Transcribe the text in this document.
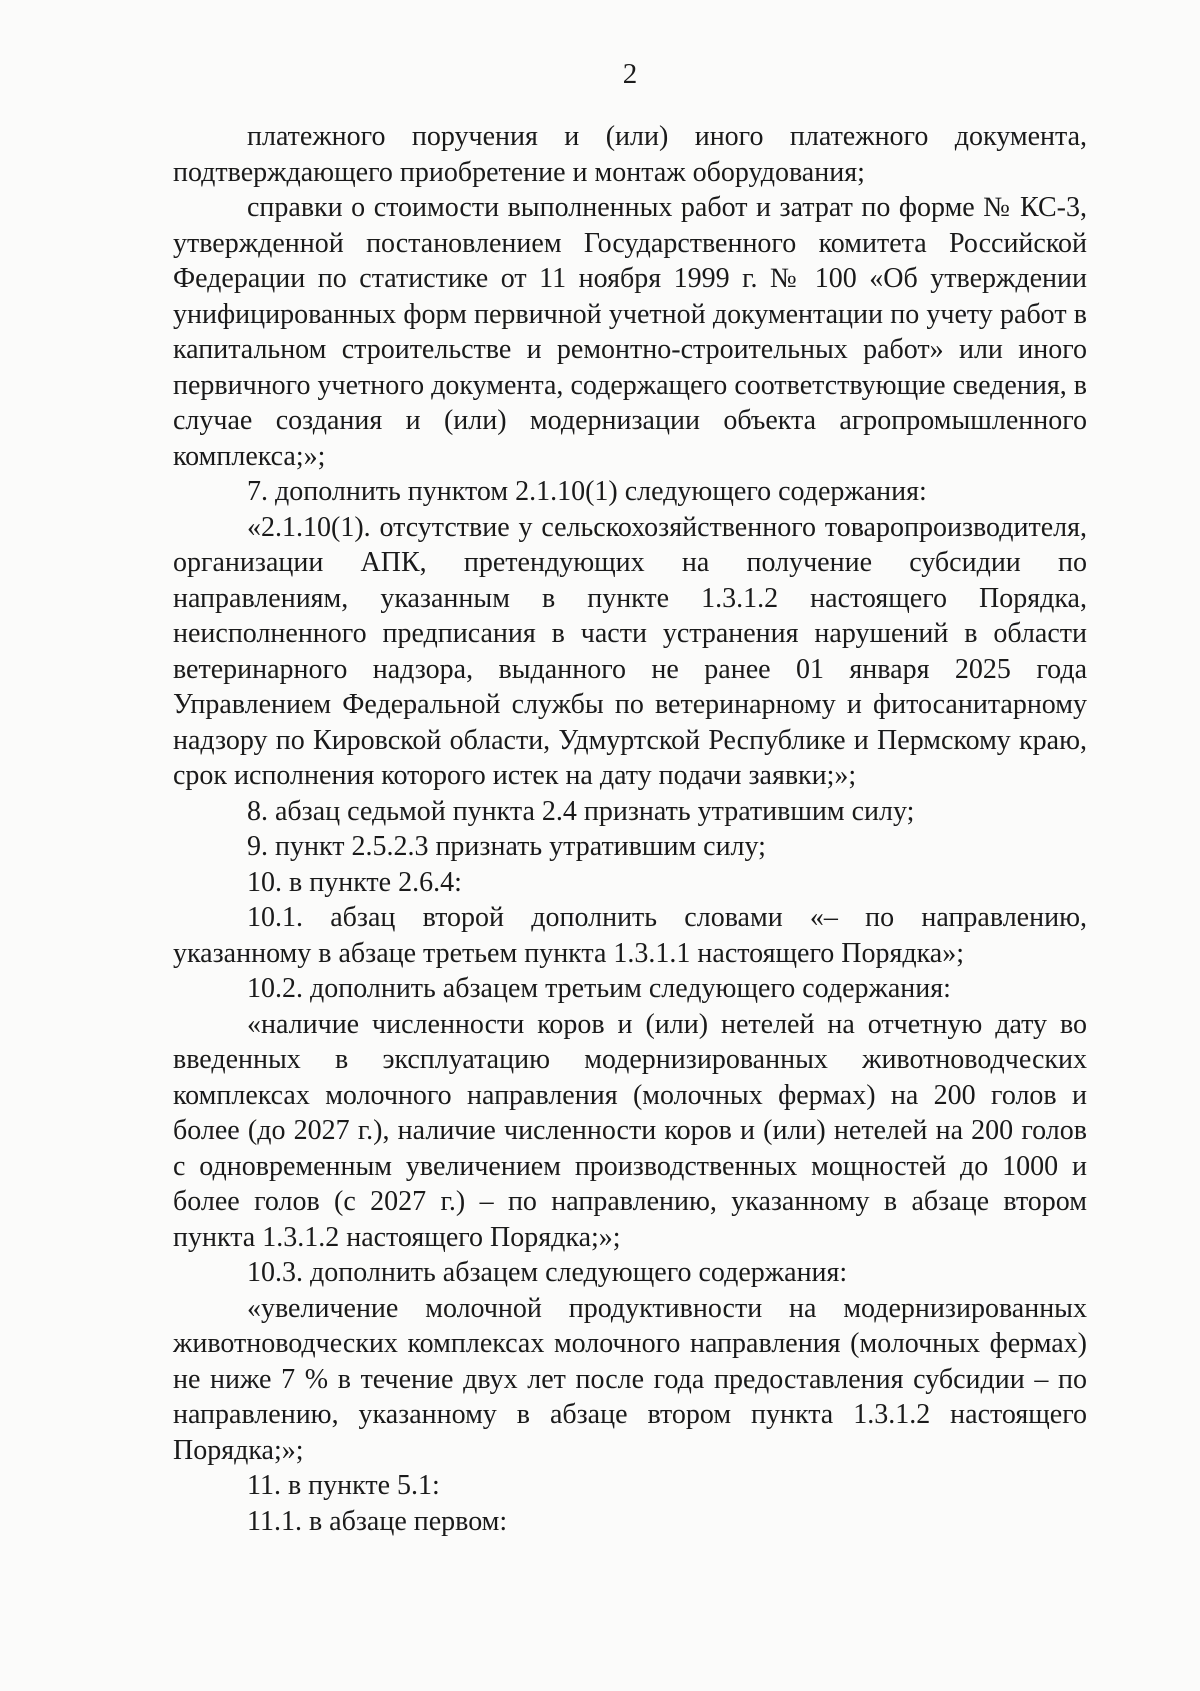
2

платежного поручения и (или) иного платежного документа, подтверждающего приобретение и монтаж оборудования;

справки о стоимости выполненных работ и затрат по форме № КС-3, утвержденной постановлением Государственного комитета Российской Федерации по статистике от 11 ноября 1999 г. № 100 «Об утверждении унифицированных форм первичной учетной документации по учету работ в капитальном строительстве и ремонтно-строительных работ» или иного первичного учетного документа, содержащего соответствующие сведения, в случае создания и (или) модернизации объекта агропромышленного комплекса;»;

7. дополнить пунктом 2.1.10(1) следующего содержания:

«2.1.10(1). отсутствие у сельскохозяйственного товаропроизводителя, организации АПК, претендующих на получение субсидии по направлениям, указанным в пункте 1.3.1.2 настоящего Порядка, неисполненного предписания в части устранения нарушений в области ветеринарного надзора, выданного не ранее 01 января 2025 года Управлением Федеральной службы по ветеринарному и фитосанитарному надзору по Кировской области, Удмуртской Республике и Пермскому краю, срок исполнения которого истек на дату подачи заявки;»;

8. абзац седьмой пункта 2.4 признать утратившим силу;

9. пункт 2.5.2.3 признать утратившим силу;

10. в пункте 2.6.4:

10.1. абзац второй дополнить словами «– по направлению, указанному в абзаце третьем пункта 1.3.1.1 настоящего Порядка»;

10.2. дополнить абзацем третьим следующего содержания:

«наличие численности коров и (или) нетелей на отчетную дату во введенных в эксплуатацию модернизированных животноводческих комплексах молочного направления (молочных фермах) на 200 голов и более (до 2027 г.), наличие численности коров и (или) нетелей на 200 голов с одновременным увеличением производственных мощностей до 1000 и более голов (с 2027 г.) – по направлению, указанному в абзаце втором пункта 1.3.1.2 настоящего Порядка;»;

10.3. дополнить абзацем следующего содержания:

«увеличение молочной продуктивности на модернизированных животноводческих комплексах молочного направления (молочных фермах) не ниже 7 % в течение двух лет после года предоставления субсидии – по направлению, указанному в абзаце втором пункта 1.3.1.2 настоящего Порядка;»;

11. в пункте 5.1:

11.1. в абзаце первом:
